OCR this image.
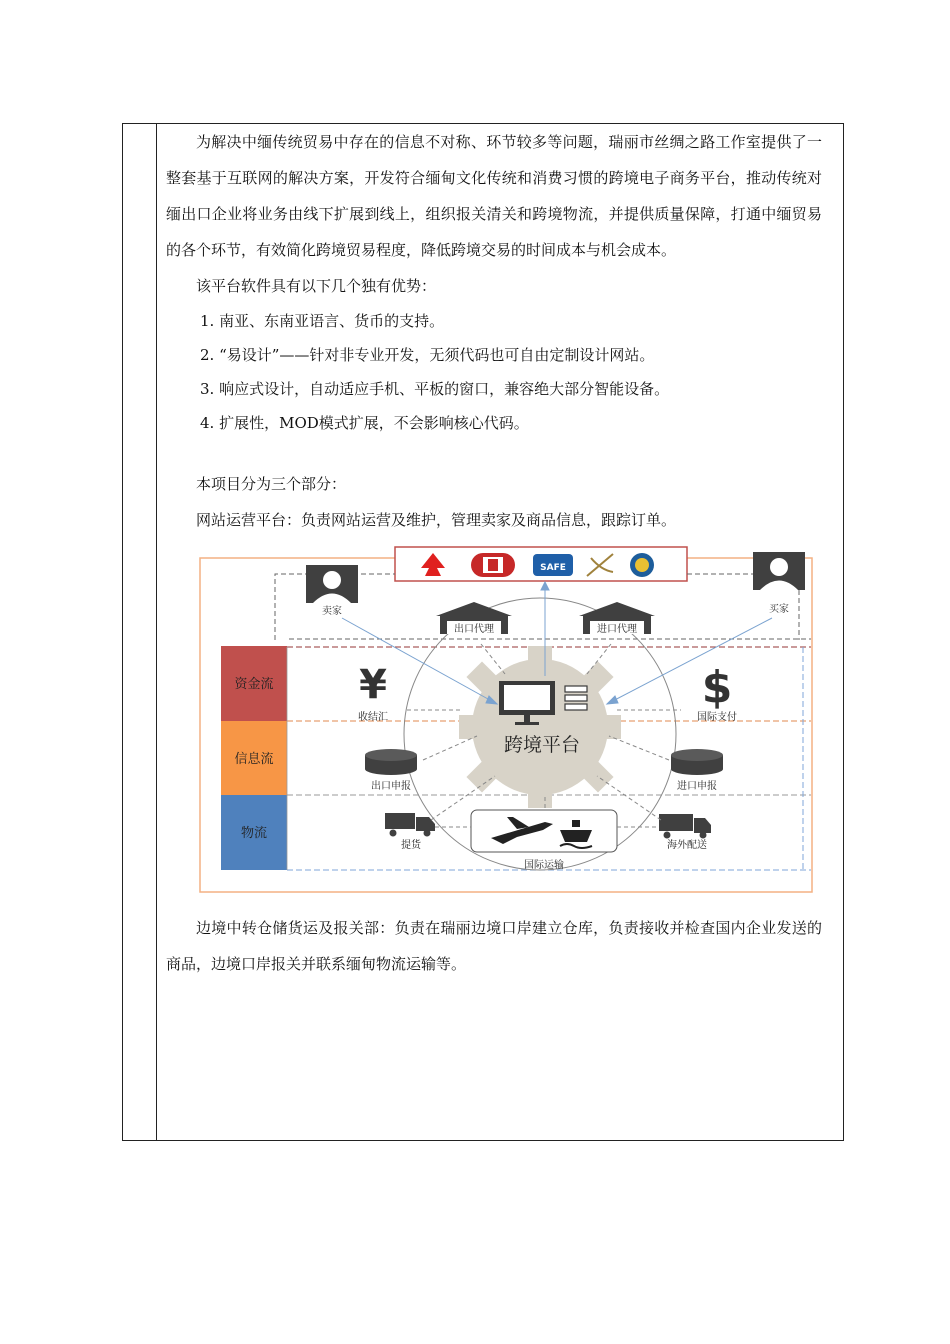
为解决中缅传统贸易中存在的信息不对称、环节较多等问题，瑞丽市丝绸之路工作室提供了一整套基于互联网的解决方案，开发符合缅甸文化传统和消费习惯的跨境电子商务平台，推动传统对缅出口企业将业务由线下扩展到线上，组织报关清关和跨境物流，并提供质量保障，打通中缅贸易的各个环节，有效简化跨境贸易程度，降低跨境交易的时间成本与机会成本。

该平台软件具有以下几个独有优势：

1. 南亚、东南亚语言、货币的支持。

2. “易设计”——针对非专业开发，无须代码也可自由定制设计网站。

3. 响应式设计，自动适应手机、平板的窗口，兼容绝大部分智能设备。

4. 扩展性，MOD模式扩展，不会影响核心代码。

本项目分为三个部分：

网站运营平台：负责网站运营及维护，管理卖家及商品信息，跟踪订单。

SAFE
资金流
信息流
物流
跨境平台
卖家	买家
出口代理	进口代理
¥
收结汇
$
国际支付
出口申报	进口申报
提货	海外配送
国际运输

边境中转仓储货运及报关部：负责在瑞丽边境口岸建立仓库，负责接收并检查国内企业发送的商品，边境口岸报关并联系缅甸物流运输等。
